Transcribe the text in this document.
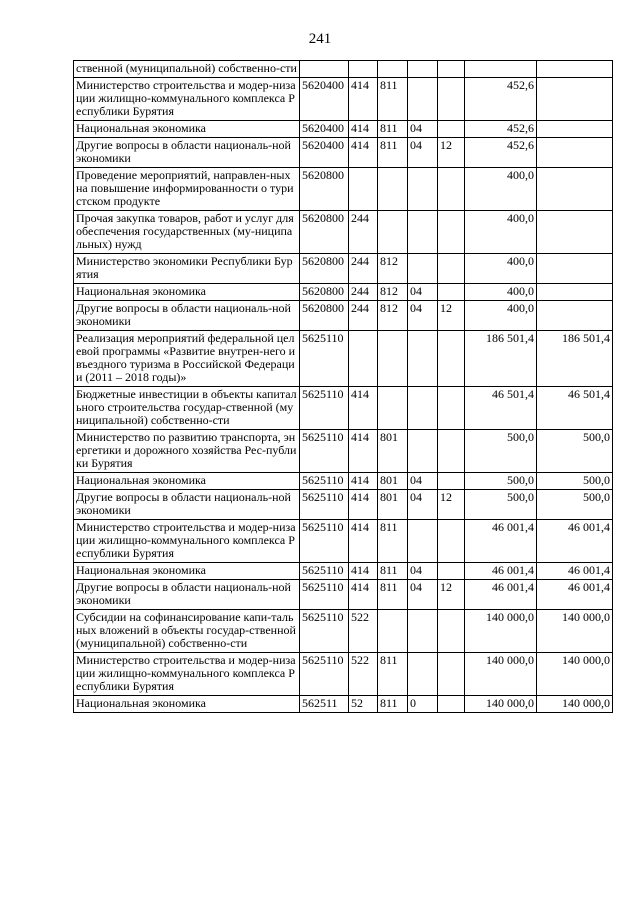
241
ственной (муниципальной) собственно-сти							
Министерство строительства и модер-низации жилищно-коммунального комплекса Республики Бурятия	5620400	414	811			452,6	
Национальная экономика	5620400	414	811	04		452,6	
Другие вопросы в области националь-ной экономики	5620400	414	811	04	12	452,6	
Проведение мероприятий, направлен-ных на повышение информированности о туристском продукте	5620800					400,0	
Прочая закупка товаров, работ и услуг для обеспечения государственных (му-ниципальных) нужд	5620800	244				400,0	
Министерство экономики Республики Бурятия	5620800	244	812			400,0	
Национальная экономика	5620800	244	812	04		400,0	
Другие вопросы в области националь-ной экономики	5620800	244	812	04	12	400,0	
Реализация мероприятий федеральной целевой программы «Развитие внутрен-него и въездного туризма в Российской Федерации (2011 – 2018 годы)»	5625110					186 501,4	186 501,4
Бюджетные инвестиции в объекты капитального строительства государ-ственной (муниципальной) собственно-сти	5625110	414				46 501,4	46 501,4
Министерство по развитию транспорта, энергетики и дорожного хозяйства Рес-публики Бурятия	5625110	414	801			500,0	500,0
Национальная экономика	5625110	414	801	04		500,0	500,0
Другие вопросы в области националь-ной экономики	5625110	414	801	04	12	500,0	500,0
Министерство строительства и модер-низации жилищно-коммунального комплекса Республики Бурятия	5625110	414	811			46 001,4	46 001,4
Национальная экономика	5625110	414	811	04		46 001,4	46 001,4
Другие вопросы в области националь-ной экономики	5625110	414	811	04	12	46 001,4	46 001,4
Субсидии на софинансирование капи-тальных вложений в объекты государ-ственной (муниципальной) собственно-сти	5625110	522				140 000,0	140 000,0
Министерство строительства и модер-низации жилищно-коммунального комплекса Республики Бурятия	5625110	522	811			140 000,0	140 000,0
Национальная экономика	562511	52	811	0		140 000,0	140 000,0
